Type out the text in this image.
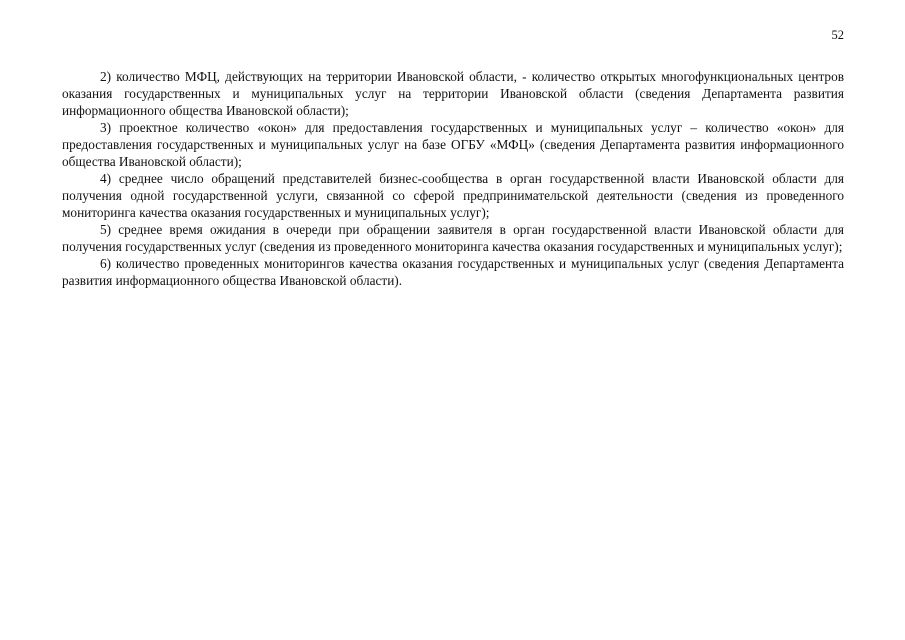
52

2) количество МФЦ, действующих на территории Ивановской области, - количество открытых многофункциональных центров оказания государственных и муниципальных услуг на территории Ивановской области (сведения Департамента развития информационного общества Ивановской области);

3) проектное количество «окон» для предоставления государственных и муниципальных услуг – количество «окон» для предоставления государственных и муниципальных услуг на базе ОГБУ «МФЦ» (сведения Департамента развития информационного общества Ивановской области);

4) среднее число обращений представителей бизнес-сообщества в орган государственной власти Ивановской области для получения одной государственной услуги, связанной со сферой предпринимательской деятельности (сведения из проведенного мониторинга качества оказания государственных и муниципальных услуг);

5) среднее время ожидания в очереди при обращении заявителя в орган государственной власти Ивановской области для получения государственных услуг (сведения из проведенного мониторинга качества оказания государственных и муниципальных услуг);

6) количество проведенных мониторингов качества оказания государственных и муниципальных услуг (сведения Департамента развития информационного общества Ивановской области).
